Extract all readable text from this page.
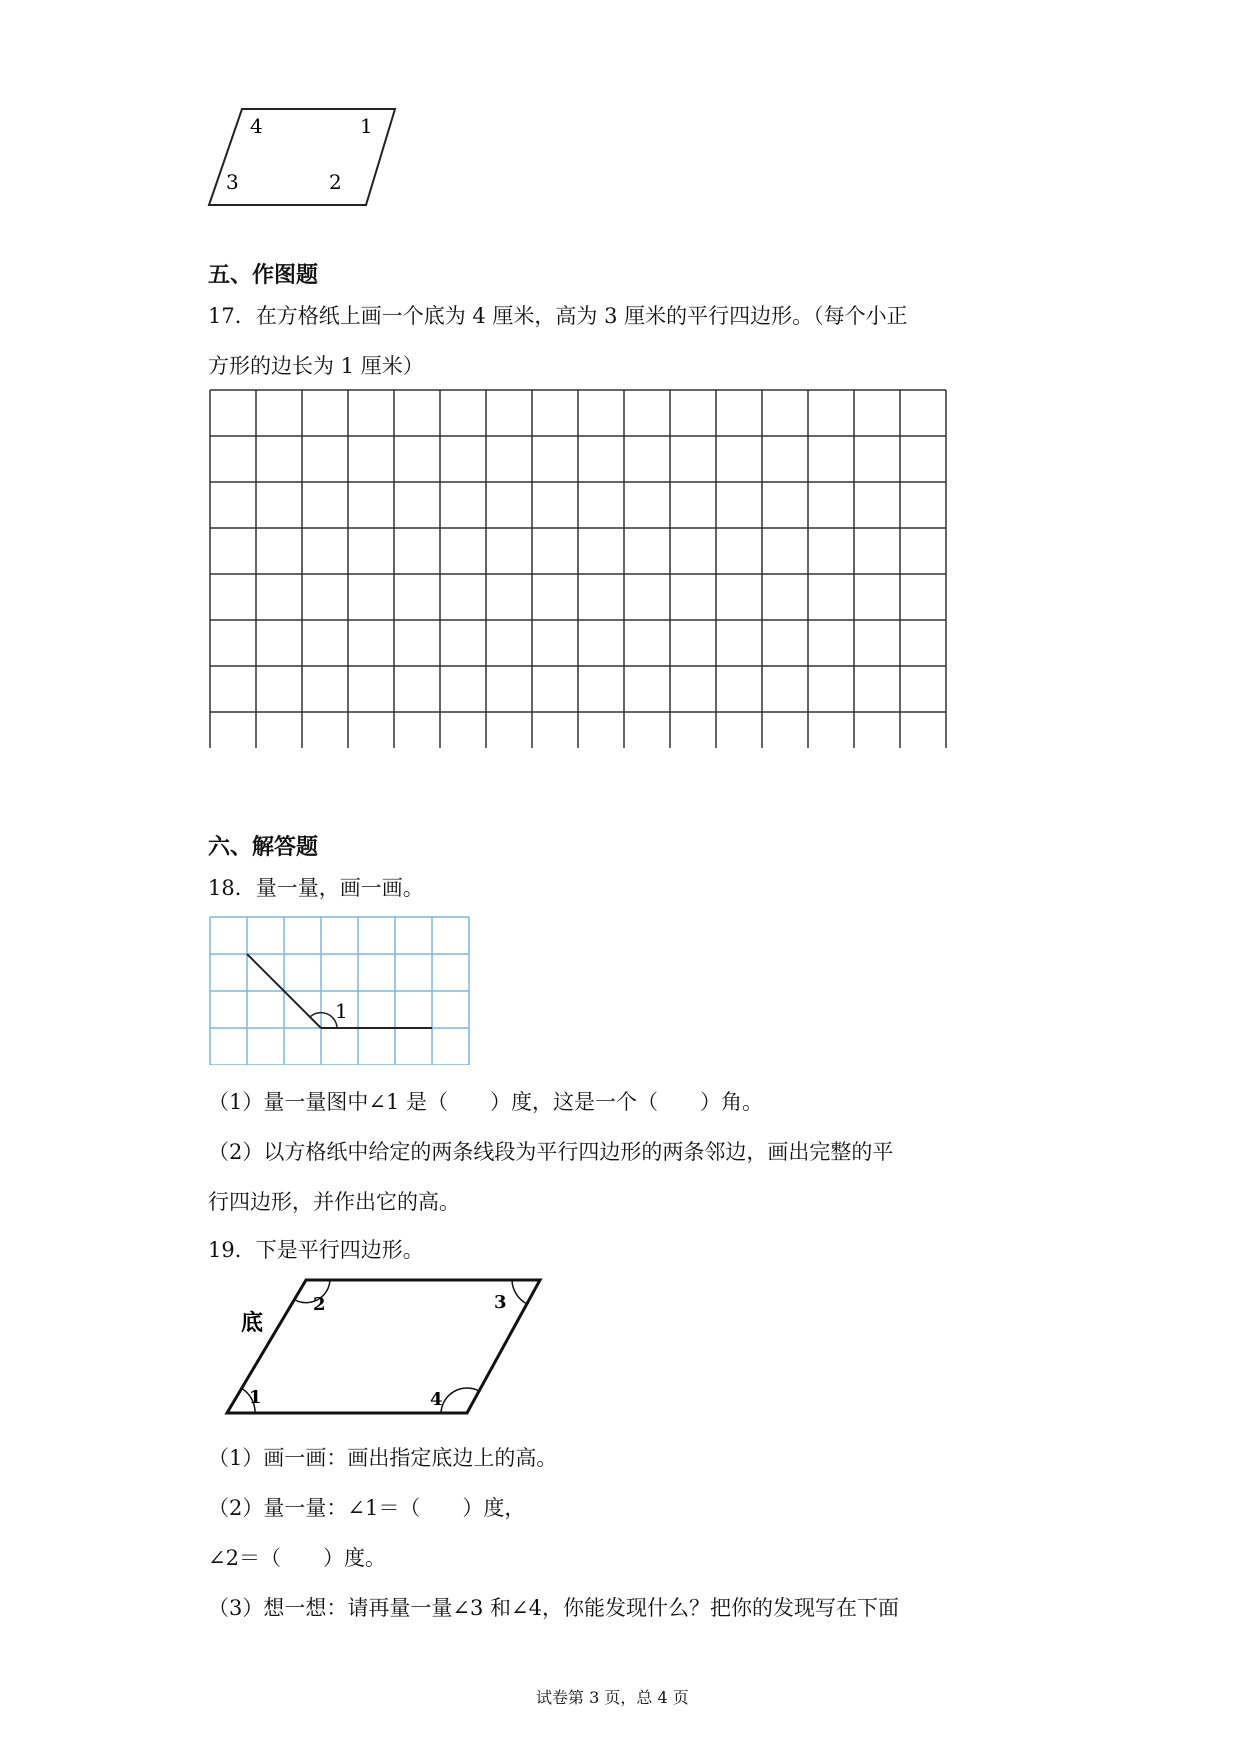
4	1
3	2
五、作图题
17．在方格纸上画一个底为 4 厘米，高为 3 厘米的平行四边形。（每个小正
方形的边长为 1 厘米）
六、解答题
18．量一量，画一画。
1
（1）量一量图中∠1 是（　　）度，这是一个（　　）角。
（2）以方格纸中给定的两条线段为平行四边形的两条邻边，画出完整的平
行四边形，并作出它的高。
19．下是平行四边形。
底
1
2	3
4
（1）画一画：画出指定底边上的高。
（2）量一量：∠1＝（　　）度，
∠2＝（　　）度。
（3）想一想：请再量一量∠3 和∠4，你能发现什么？把你的发现写在下面
试卷第 3 页，总 4 页
